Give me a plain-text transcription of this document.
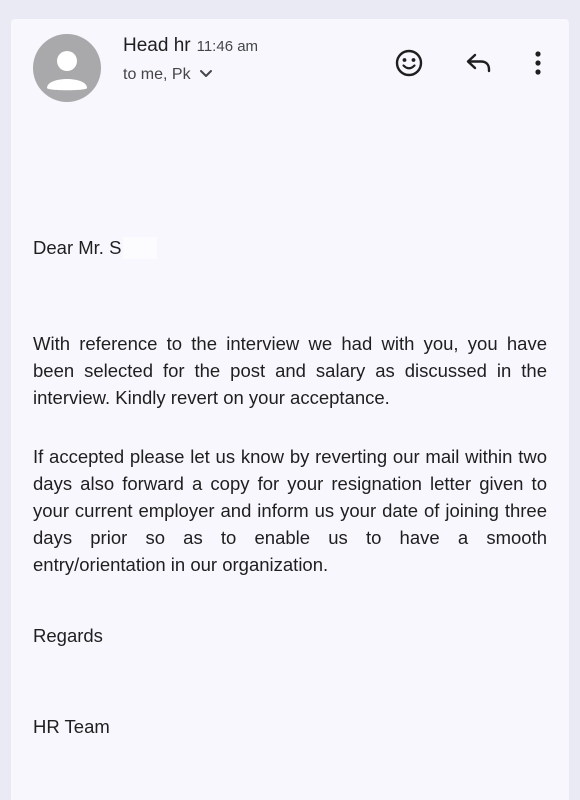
Head hr 11:46 am
to me, Pk

Dear Mr. S

With reference to the interview we had with you, you have been selected for the post and salary as discussed in the interview. Kindly revert on your acceptance.

If accepted please let us know by reverting our mail within two days also forward a copy for your resignation letter given to your current employer and inform us your date of joining three days prior so as to enable us to have a smooth entry/orientation in our organization.

Regards

HR Team
